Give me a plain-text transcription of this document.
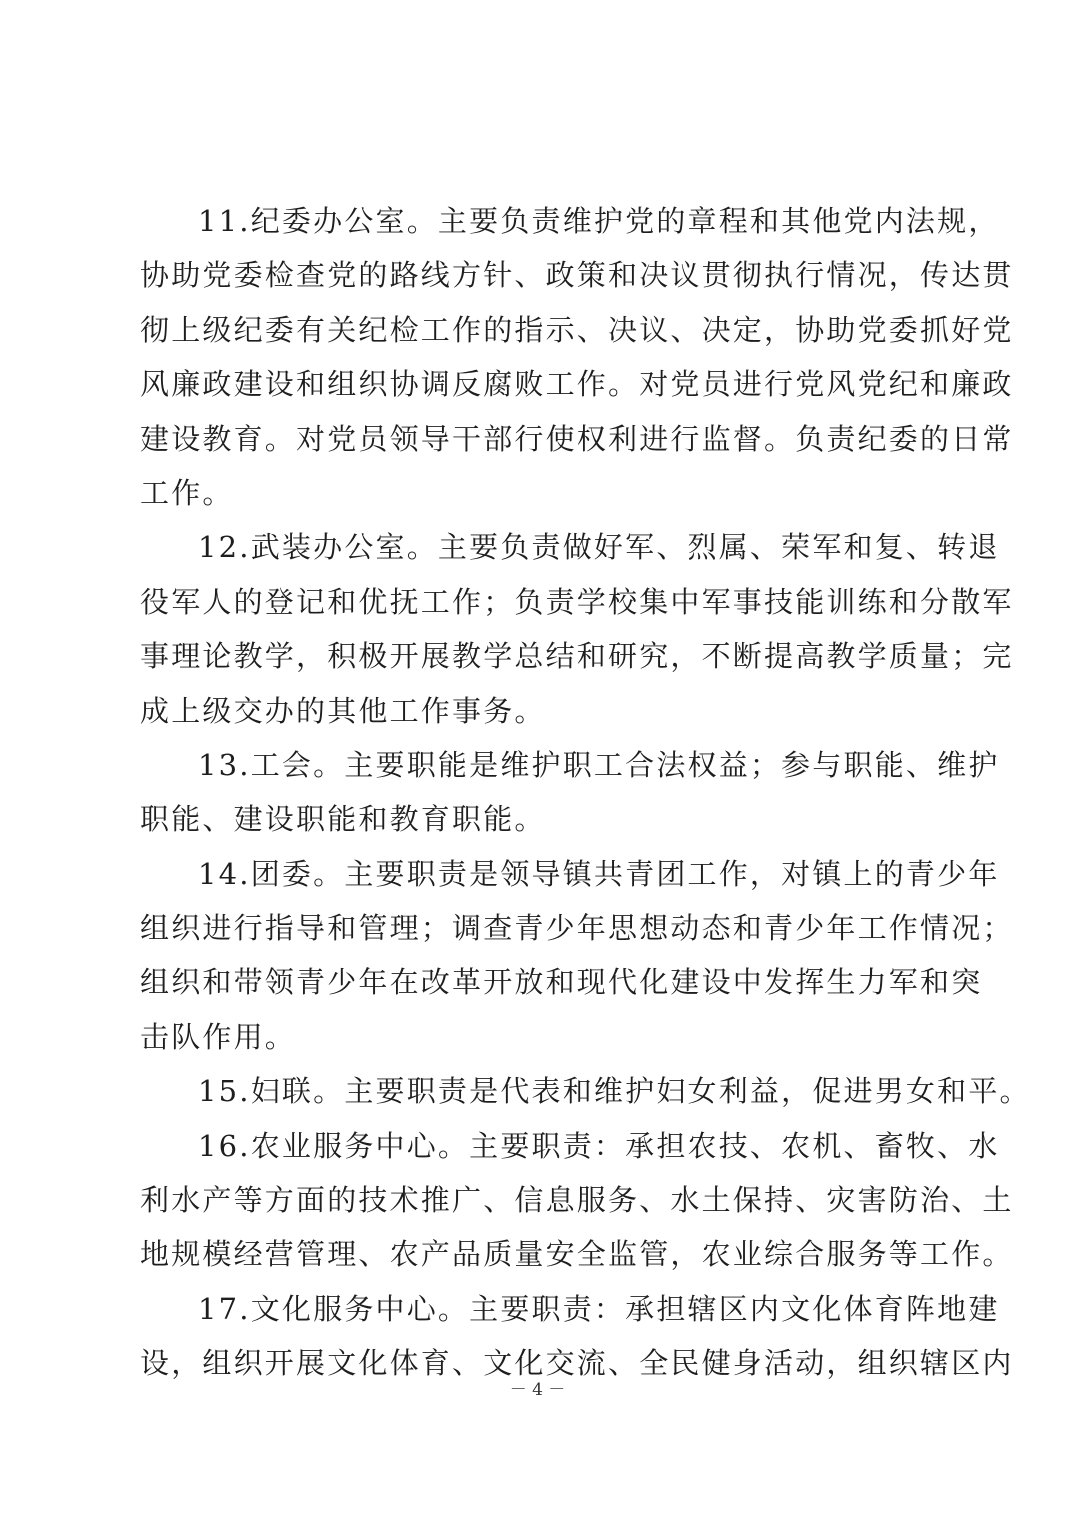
11.纪委办公室。主要负责维护党的章程和其他党内法规，
协助党委检查党的路线方针、政策和决议贯彻执行情况，传达贯
彻上级纪委有关纪检工作的指示、决议、决定，协助党委抓好党
风廉政建设和组织协调反腐败工作。对党员进行党风党纪和廉政
建设教育。对党员领导干部行使权利进行监督。负责纪委的日常
工作。
12.武装办公室。主要负责做好军、烈属、荣军和复、转退
役军人的登记和优抚工作；负责学校集中军事技能训练和分散军
事理论教学，积极开展教学总结和研究，不断提高教学质量；完
成上级交办的其他工作事务。
13.工会。主要职能是维护职工合法权益；参与职能、维护
职能、建设职能和教育职能。
14.团委。主要职责是领导镇共青团工作，对镇上的青少年
组织进行指导和管理；调查青少年思想动态和青少年工作情况；
组织和带领青少年在改革开放和现代化建设中发挥生力军和突
击队作用。
15.妇联。主要职责是代表和维护妇女利益，促进男女和平。
16.农业服务中心。主要职责：承担农技、农机、畜牧、水
利水产等方面的技术推广、信息服务、水土保持、灾害防治、土
地规模经营管理、农产品质量安全监管，农业综合服务等工作。
17.文化服务中心。主要职责：承担辖区内文化体育阵地建
设，组织开展文化体育、文化交流、全民健身活动，组织辖区内
－ 4 －
